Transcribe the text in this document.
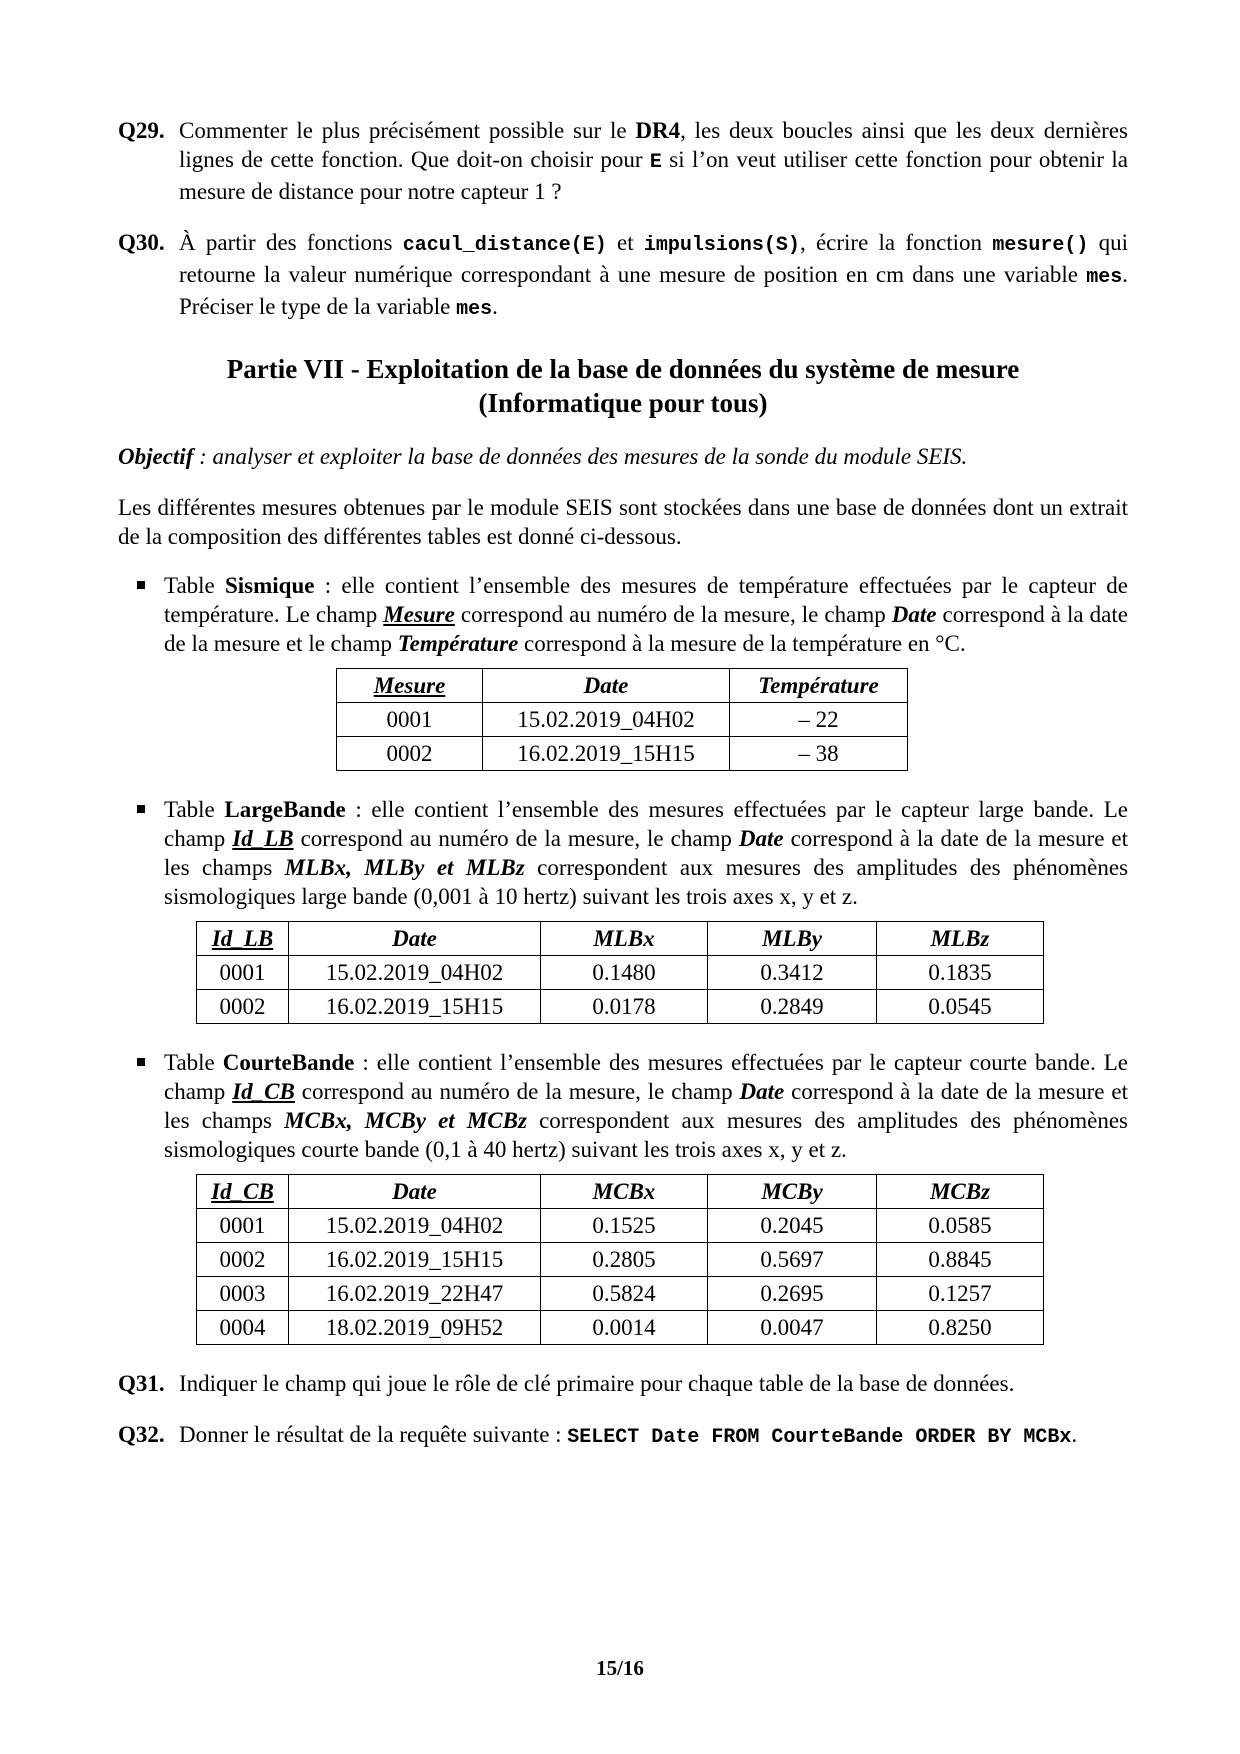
Q29. Commenter le plus précisément possible sur le DR4, les deux boucles ainsi que les deux dernières lignes de cette fonction. Que doit-on choisir pour E si l’on veut utiliser cette fonction pour obtenir la mesure de distance pour notre capteur 1 ?
Q30. À partir des fonctions cacul_distance(E) et impulsions(S), écrire la fonction mesure() qui retourne la valeur numérique correspondant à une mesure de position en cm dans une variable mes. Préciser le type de la variable mes.
Partie VII - Exploitation de la base de données du système de mesure
(Informatique pour tous)
Objectif : analyser et exploiter la base de données des mesures de la sonde du module SEIS.

Les différentes mesures obtenues par le module SEIS sont stockées dans une base de données dont un extrait de la composition des différentes tables est donné ci-dessous.

Table Sismique : elle contient l’ensemble des mesures de température effectuées par le capteur de température. Le champ Mesure correspond au numéro de la mesure, le champ Date correspond à la date de la mesure et le champ Température correspond à la mesure de la température en °C.
Mesure	Date	Température
0001	15.02.2019_04H02	– 22
0002	16.02.2019_15H15	– 38
Table LargeBande : elle contient l’ensemble des mesures effectuées par le capteur large bande. Le champ Id_LB correspond au numéro de la mesure, le champ Date correspond à la date de la mesure et les champs MLBx, MLBy et MLBz correspondent aux mesures des amplitudes des phénomènes sismologiques large bande (0,001 à 10 hertz) suivant les trois axes x, y et z.
Id_LB	Date	MLBx	MLBy	MLBz
0001	15.02.2019_04H02	0.1480	0.3412	0.1835
0002	16.02.2019_15H15	0.0178	0.2849	0.0545
Table CourteBande : elle contient l’ensemble des mesures effectuées par le capteur courte bande. Le champ Id_CB correspond au numéro de la mesure, le champ Date correspond à la date de la mesure et les champs MCBx, MCBy et MCBz correspondent aux mesures des amplitudes des phénomènes sismologiques courte bande (0,1 à 40 hertz) suivant les trois axes x, y et z.
Id_CB	Date	MCBx	MCBy	MCBz
0001	15.02.2019_04H02	0.1525	0.2045	0.0585
0002	16.02.2019_15H15	0.2805	0.5697	0.8845
0003	16.02.2019_22H47	0.5824	0.2695	0.1257
0004	18.02.2019_09H52	0.0014	0.0047	0.8250
Q31. Indiquer le champ qui joue le rôle de clé primaire pour chaque table de la base de données.
Q32. Donner le résultat de la requête suivante : SELECT Date FROM CourteBande ORDER BY MCBx.
15/16
